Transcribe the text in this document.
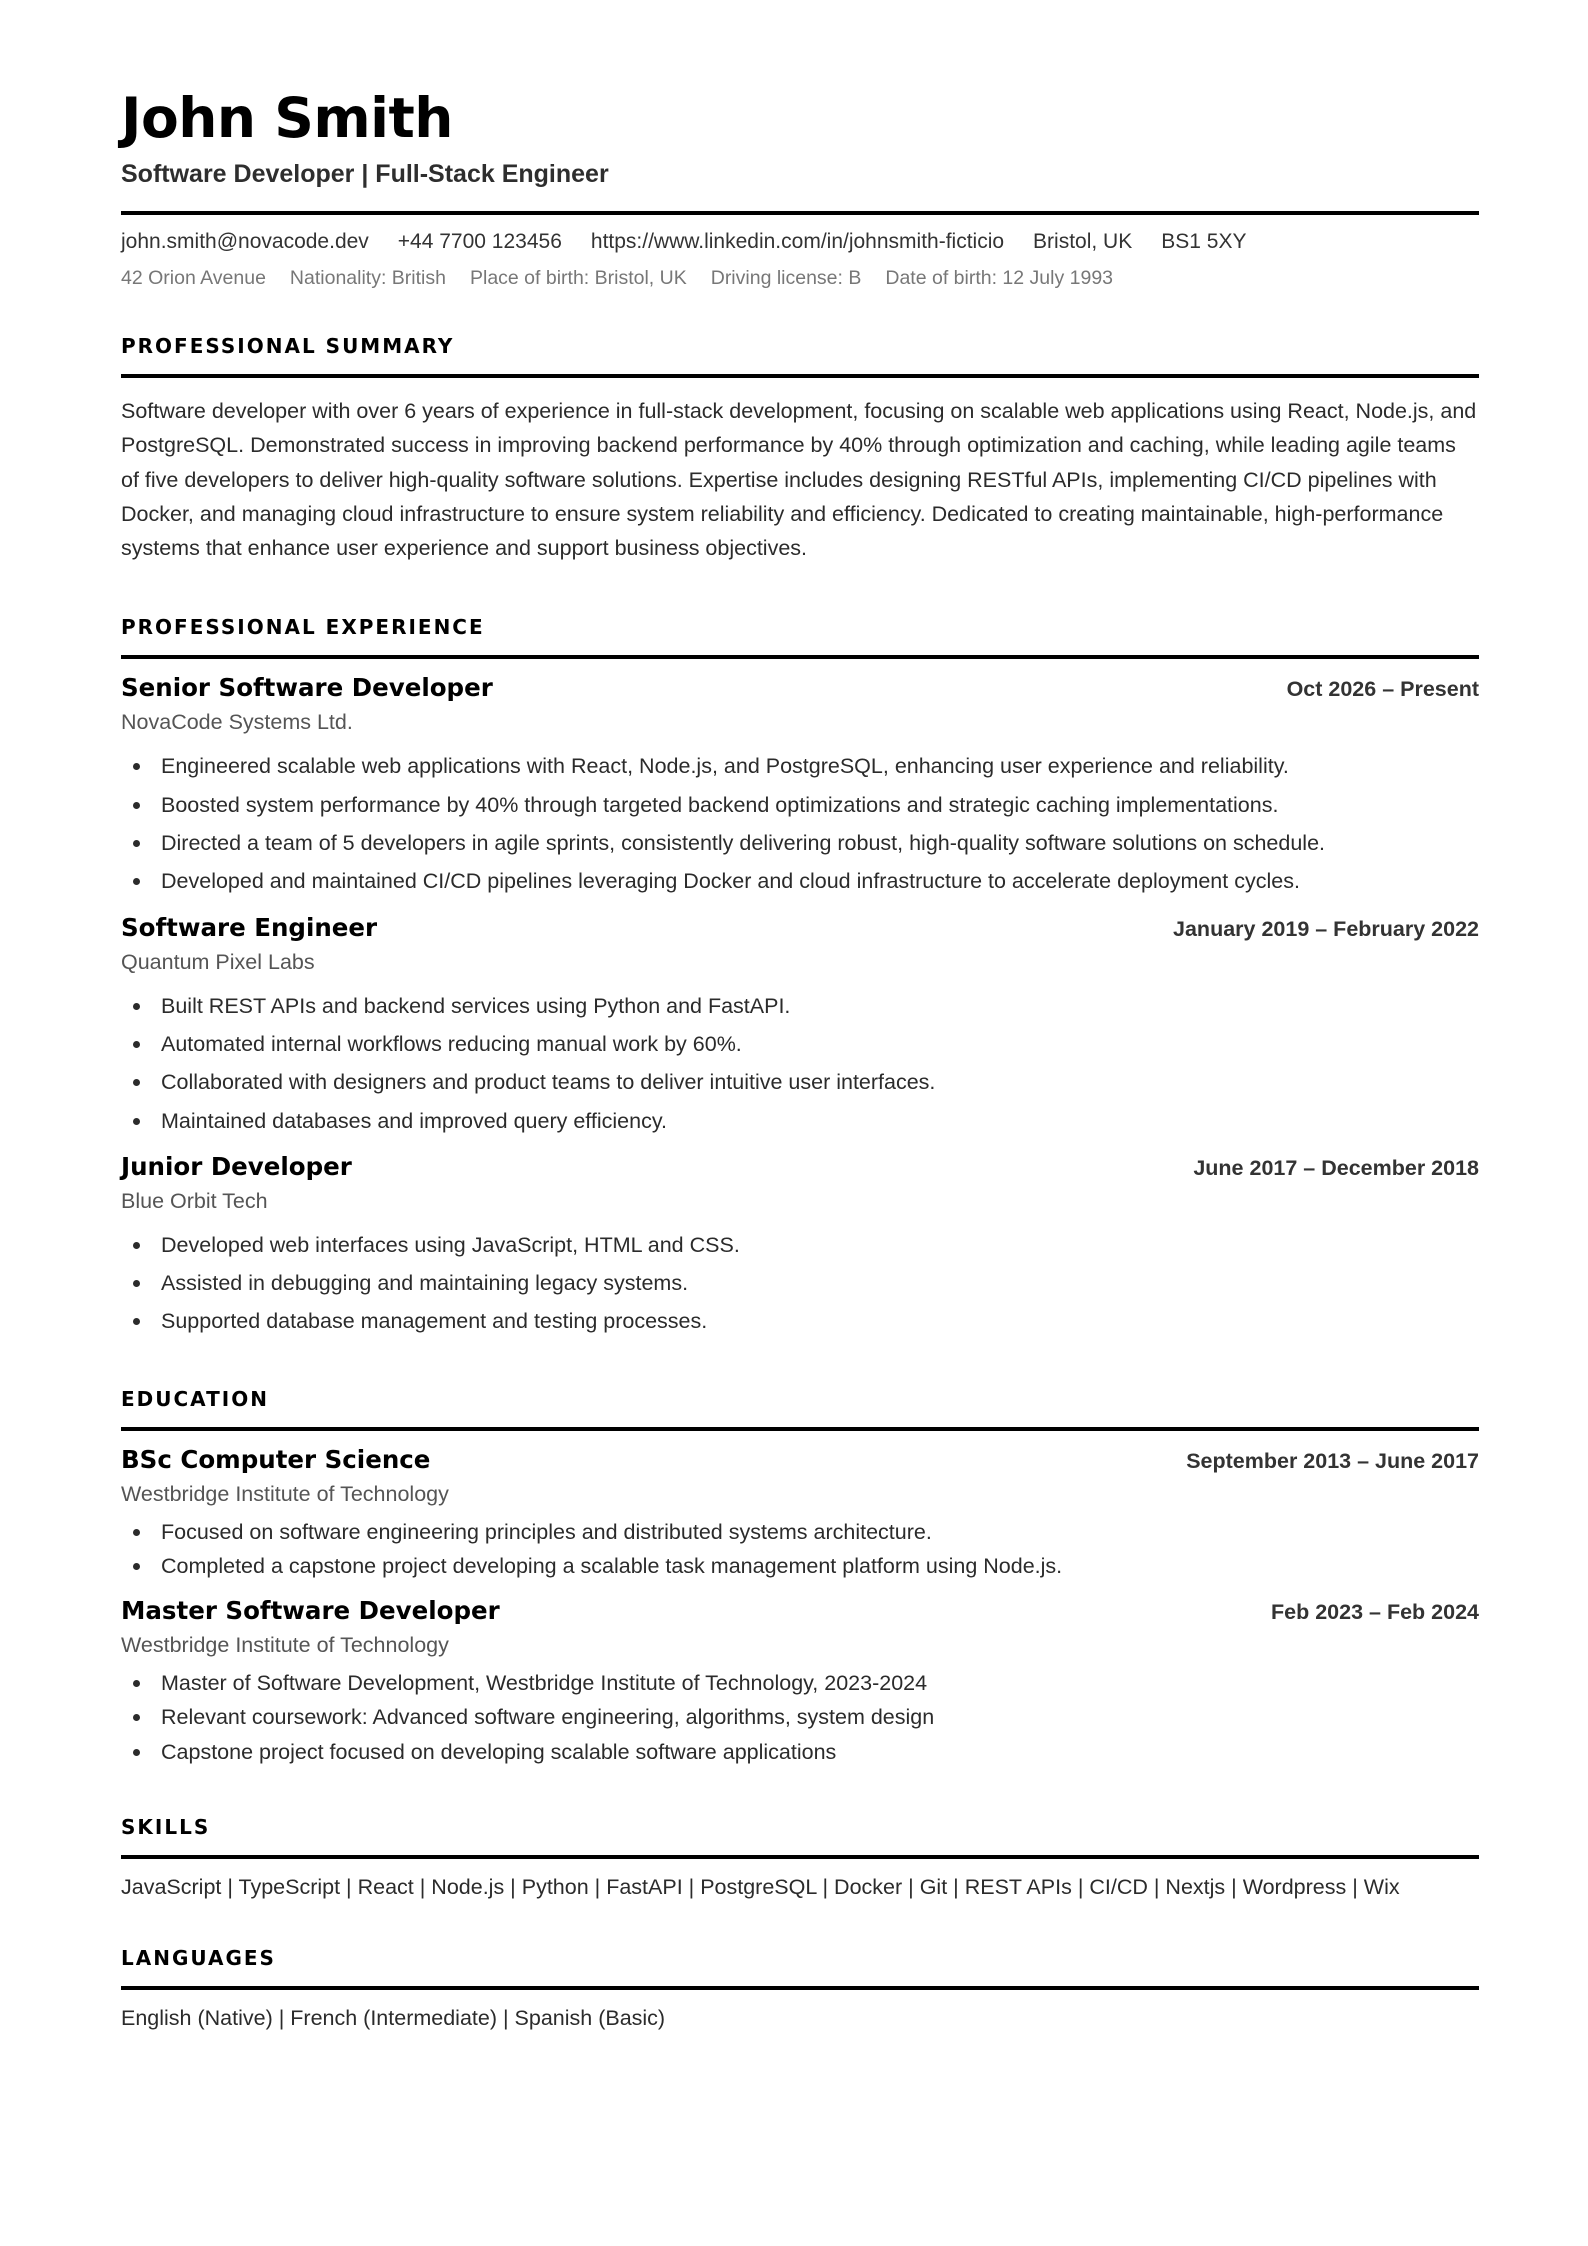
John Smith
Software Developer | Full-Stack Engineer
john.smith@novacode.dev +44 7700 123456 https://www.linkedin.com/in/johnsmith-ficticio Bristol, UK BS1 5XY
42 Orion Avenue Nationality: British Place of birth: Bristol, UK Driving license: B Date of birth: 12 July 1993
PROFESSIONAL SUMMARY

Software developer with over 6 years of experience in full-stack development, focusing on scalable web applications using React, Node.js, and PostgreSQL. Demonstrated success in improving backend performance by 40% through optimization and caching, while leading agile teams of five developers to deliver high-quality software solutions. Expertise includes designing RESTful APIs, implementing CI/CD pipelines with Docker, and managing cloud infrastructure to ensure system reliability and efficiency. Dedicated to creating maintainable, high-performance systems that enhance user experience and support business objectives.

PROFESSIONAL EXPERIENCE
Senior Software Developer	Oct 2026 – Present
NovaCode Systems Ltd.
Engineered scalable web applications with React, Node.js, and PostgreSQL, enhancing user experience and reliability.
Boosted system performance by 40% through targeted backend optimizations and strategic caching implementations.
Directed a team of 5 developers in agile sprints, consistently delivering robust, high-quality software solutions on schedule.
Developed and maintained CI/CD pipelines leveraging Docker and cloud infrastructure to accelerate deployment cycles.
Software Engineer	January 2019 – February 2022
Quantum Pixel Labs
Built REST APIs and backend services using Python and FastAPI.
Automated internal workflows reducing manual work by 60%.
Collaborated with designers and product teams to deliver intuitive user interfaces.
Maintained databases and improved query efficiency.
Junior Developer	June 2017 – December 2018
Blue Orbit Tech
Developed web interfaces using JavaScript, HTML and CSS.
Assisted in debugging and maintaining legacy systems.
Supported database management and testing processes.
EDUCATION
BSc Computer Science	September 2013 – June 2017
Westbridge Institute of Technology
Focused on software engineering principles and distributed systems architecture.
Completed a capstone project developing a scalable task management platform using Node.js.
Master Software Developer	Feb 2023 – Feb 2024
Westbridge Institute of Technology
Master of Software Development, Westbridge Institute of Technology, 2023-2024
Relevant coursework: Advanced software engineering, algorithms, system design
Capstone project focused on developing scalable software applications
SKILLS
JavaScript | TypeScript | React | Node.js | Python | FastAPI | PostgreSQL | Docker | Git | REST APIs | CI/CD | Nextjs | Wordpress | Wix
LANGUAGES
English (Native) | French (Intermediate) | Spanish (Basic)
